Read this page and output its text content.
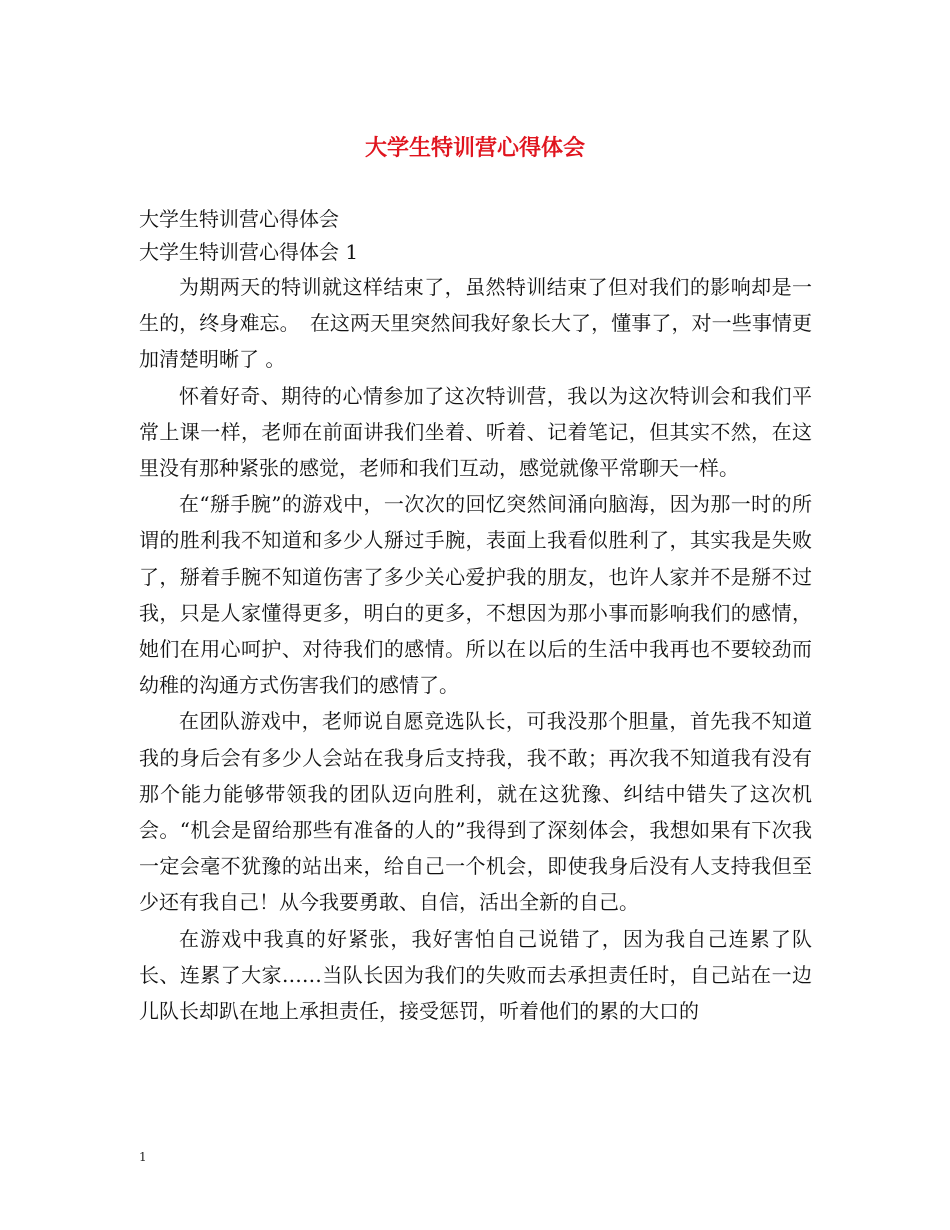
大学生特训营心得体会

大学生特训营心得体会

大学生特训营心得体会 1

为期两天的特训就这样结束了，虽然特训结束了但对我们的影响却是一生的，终身难忘。　在这两天里突然间我好象长大了，懂事了，对一些事情更加清楚明晰了 。

怀着好奇、期待的心情参加了这次特训营，我以为这次特训会和我们平常上课一样，老师在前面讲我们坐着、听着、记着笔记，但其实不然，在这里没有那种紧张的感觉，老师和我们互动，感觉就像平常聊天一样。

在“掰手腕”的游戏中，一次次的回忆突然间涌向脑海，因为那一时的所谓的胜利我不知道和多少人掰过手腕，表面上我看似胜利了，其实我是失败了，掰着手腕不知道伤害了多少关心爱护我的朋友，也许人家并不是掰不过我，只是人家懂得更多，明白的更多，不想因为那小事而影响我们的感情，她们在用心呵护、对待我们的感情。所以在以后的生活中我再也不要较劲而幼稚的沟通方式伤害我们的感情了。

在团队游戏中，老师说自愿竞选队长，可我没那个胆量，首先我不知道我的身后会有多少人会站在我身后支持我，我不敢；再次我不知道我有没有那个能力能够带领我的团队迈向胜利，就在这犹豫、纠结中错失了这次机会。“机会是留给那些有准备的人的”我得到了深刻体会，我想如果有下次我一定会毫不犹豫的站出来，给自己一个机会，即使我身后没有人支持我但至少还有我自己！从今我要勇敢、自信，活出全新的自己。

在游戏中我真的好紧张，我好害怕自己说错了，因为我自己连累了队长、连累了大家……当队长因为我们的失败而去承担责任时，自己站在一边儿队长却趴在地上承担责任，接受惩罚，听着他们的累的大口的

1
